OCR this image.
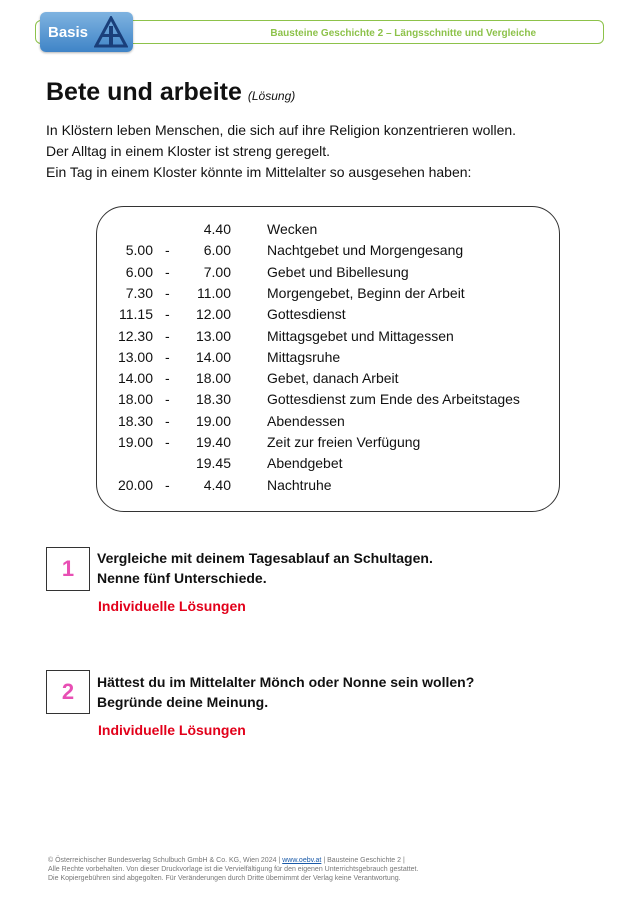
Basis	Bausteine Geschichte 2 – Längsschnitte und Vergleiche
Bete und arbeite (Lösung)
In Klöstern leben Menschen, die sich auf ihre Religion konzentrieren wollen.
Der Alltag in einem Kloster ist streng geregelt.
Ein Tag in einem Kloster könnte im Mittelalter so ausgesehen haben:
4.40	Wecken
5.00 - 6.00	Nachtgebet und Morgengesang
6.00 - 7.00	Gebet und Bibellesung
7.30 - 11.00	Morgengebet, Beginn der Arbeit
11.15 - 12.00	Gottesdienst
12.30 - 13.00	Mittagsgebet und Mittagessen
13.00 - 14.00	Mittagsruhe
14.00 - 18.00	Gebet, danach Arbeit
18.00 - 18.30	Gottesdienst zum Ende des Arbeitstages
18.30 - 19.00	Abendessen
19.00 - 19.40	Zeit zur freien Verfügung
19.45	Abendgebet
20.00 - 4.40	Nachtruhe
1	Vergleiche mit deinem Tagesablauf an Schultagen.
Nenne fünf Unterschiede.
Individuelle Lösungen
2	Hättest du im Mittelalter Mönch oder Nonne sein wollen?
Begründe deine Meinung.
Individuelle Lösungen
© Österreichischer Bundesverlag Schulbuch GmbH & Co. KG, Wien 2024 | www.oebv.at | Bausteine Geschichte 2 |
Alle Rechte vorbehalten. Von dieser Druckvorlage ist die Vervielfältigung für den eigenen Unterrichtsgebrauch gestattet.
Die Kopiergebühren sind abgegolten. Für Veränderungen durch Dritte übernimmt der Verlag keine Verantwortung.
